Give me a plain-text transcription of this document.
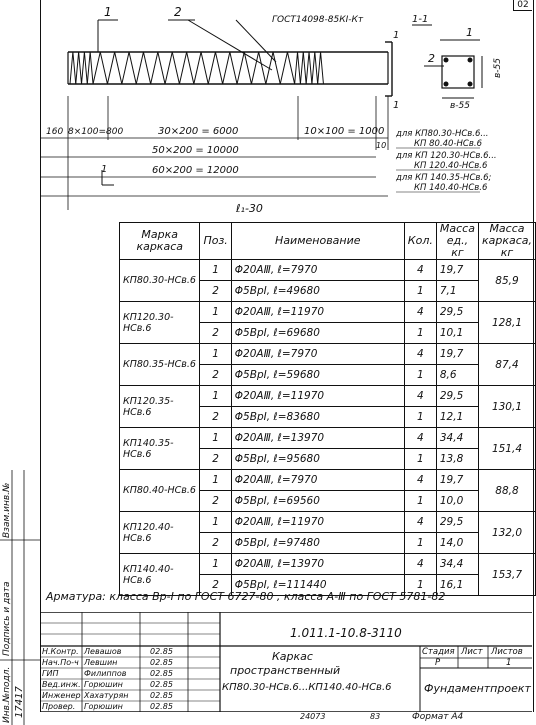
02
1
1
1	2
ГОСТ14098-85КІ-Кт	1-1
1
2	в-55
в-55
1
160 8×100=800	30×200 = 6000	10×100 = 1000
10
50×200 = 10000
60×200 = 12000
ℓ₁-30
для КП80.30-НСв.6...
КП 80.40-НСв.6
для КП 120.30-НСв.6...
КП 120.40-НСв.6
для КП 140.35-НСв.6;
КП 140.40-НСв.6
Марка каркаса	Поз.	Наименование	Кол.	Масса ед., кг	Масса каркаса, кг
КП80.30-НСв.6	1	Φ20АⅢ, ℓ=7970	4	19,7	85,9
	2	Φ5ВрI, ℓ=49680	1	7,1	
КП120.30-НСв.6	1	Φ20АⅢ, ℓ=11970	4	29,5	128,1
	2	Φ5ВрI, ℓ=69680	1	10,1	
КП80.35-НСв.6	1	Φ20АⅢ, ℓ=7970	4	19,7	87,4
	2	Φ5ВрI, ℓ=59680	1	8,6	
КП120.35-НСв.6	1	Φ20АⅢ, ℓ=11970	4	29,5	130,1
	2	Φ5ВрI, ℓ=83680	1	12,1	
КП140.35-НСв.6	1	Φ20АⅢ, ℓ=13970	4	34,4	151,4
	2	Φ5ВрI, ℓ=95680	1	13,8	
КП80.40-НСв.6	1	Φ20АⅢ, ℓ=7970	4	19,7	88,8
	2	Φ5ВрI, ℓ=69560	1	10,0	
КП120.40-НСв.6	1	Φ20АⅢ, ℓ=11970	4	29,5	132,0
	2	Φ5ВрI, ℓ=97480	1	14,0	
КП140.40-НСв.6	1	Φ20АⅢ, ℓ=13970	4	34,4	153,7
	2	Φ5ВрI, ℓ=111440	1	16,1	
Арматура: класса Вр-I по ГОСТ 6727-80 , класса А-Ⅲ по ГОСТ 5781-82
1.011.1-10.8-3110
Каркас
пространственный
КП80.30-НСв.6...КП140.40-НСв.6
Стадия Лист Листов
Р	1
Фундаментпроект
Н.Контр. Левашов	02.85
Нач.По-ч Левшин	02.85
ГИП	Филиппов	02.85
Вед.инж. Горюшин	02.85
Инженер Хахатурян	02.85
Провер. Горюшин	02.85
24073	83	Формат А4
Взам.инв.№
Подпись и дата
Инв.№подл. 17417
